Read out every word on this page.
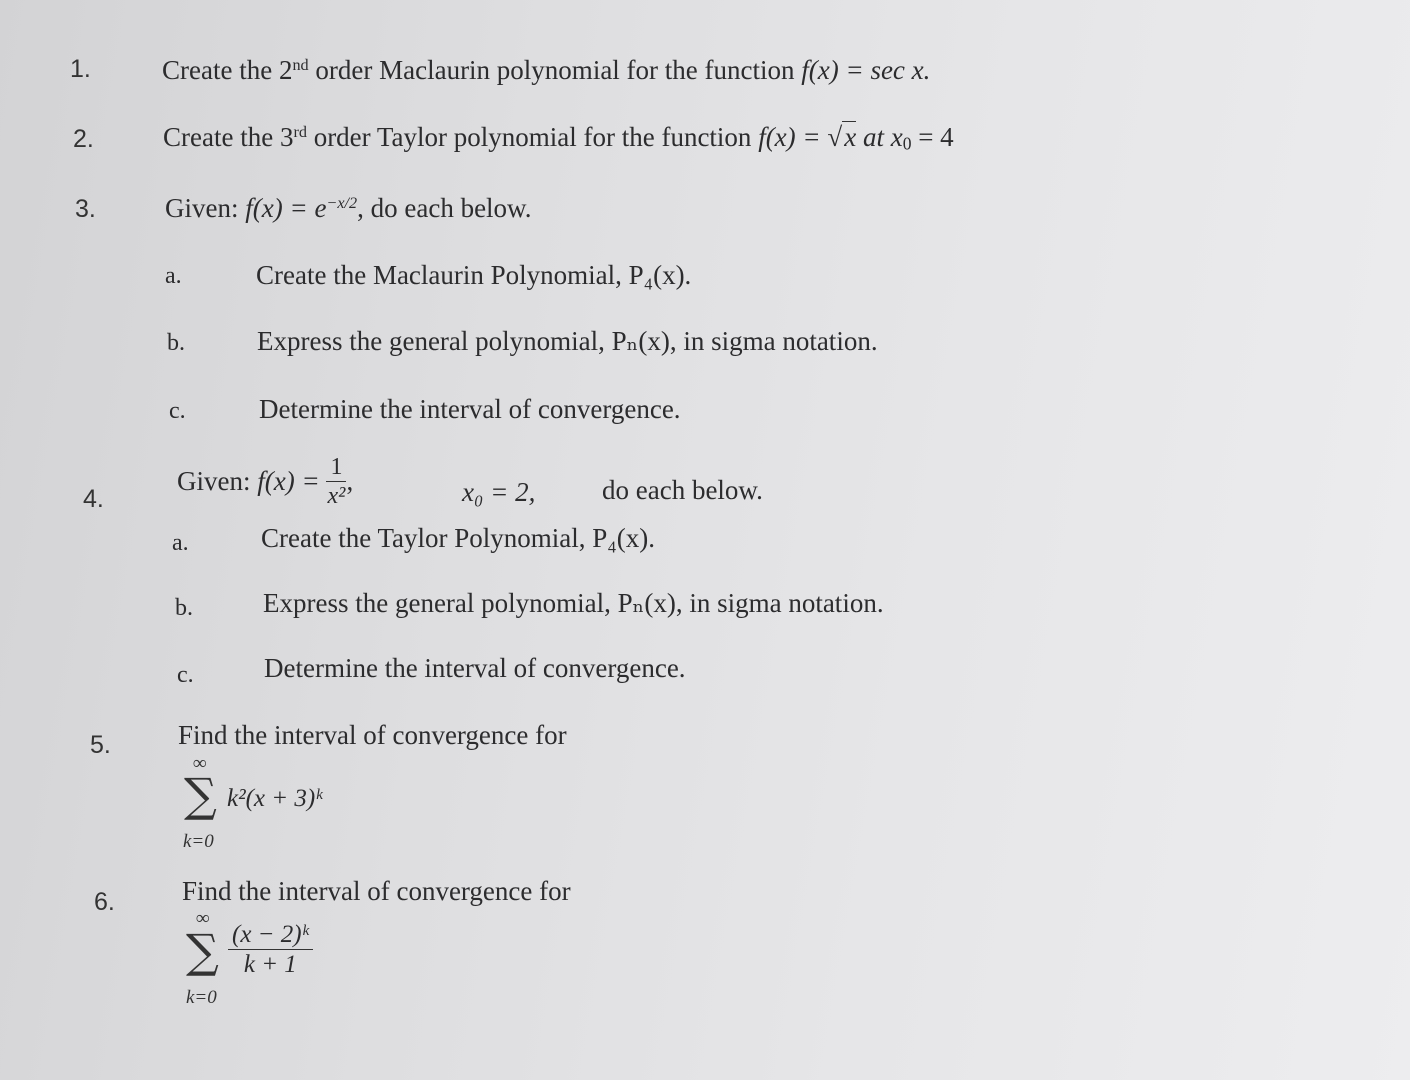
1.	Create the 2nd order Maclaurin polynomial for the function f(x) = sec x.
2.	Create the 3rd order Taylor polynomial for the function f(x) = √x at $x_0 = 4$
3.	Given: $f(x) = e^{-x/2}$, do each below.
a.	Create the Maclaurin Polynomial, P₄(x).
b.	Express the general polynomial, Pₙ(x), in sigma notation.
c.	Determine the interval of convergence.
4.
Given: $f(x) = \frac{1}{\text{x²}}$ ,	x₀ = 2, do each below.
a.	Create the Taylor Polynomial, P₄(x).
b.	Express the general polynomial, Pₙ(x), in sigma notation.
c.	Determine the interval of convergence.
5. Find the interval of convergence for
∞
∑ k²(x + 3)ᵏ
k=0
6. Find the interval of convergence for
∞
∑ $\frac{\text{(x − 2)ᵏ}}{k + 1}$
k=0
